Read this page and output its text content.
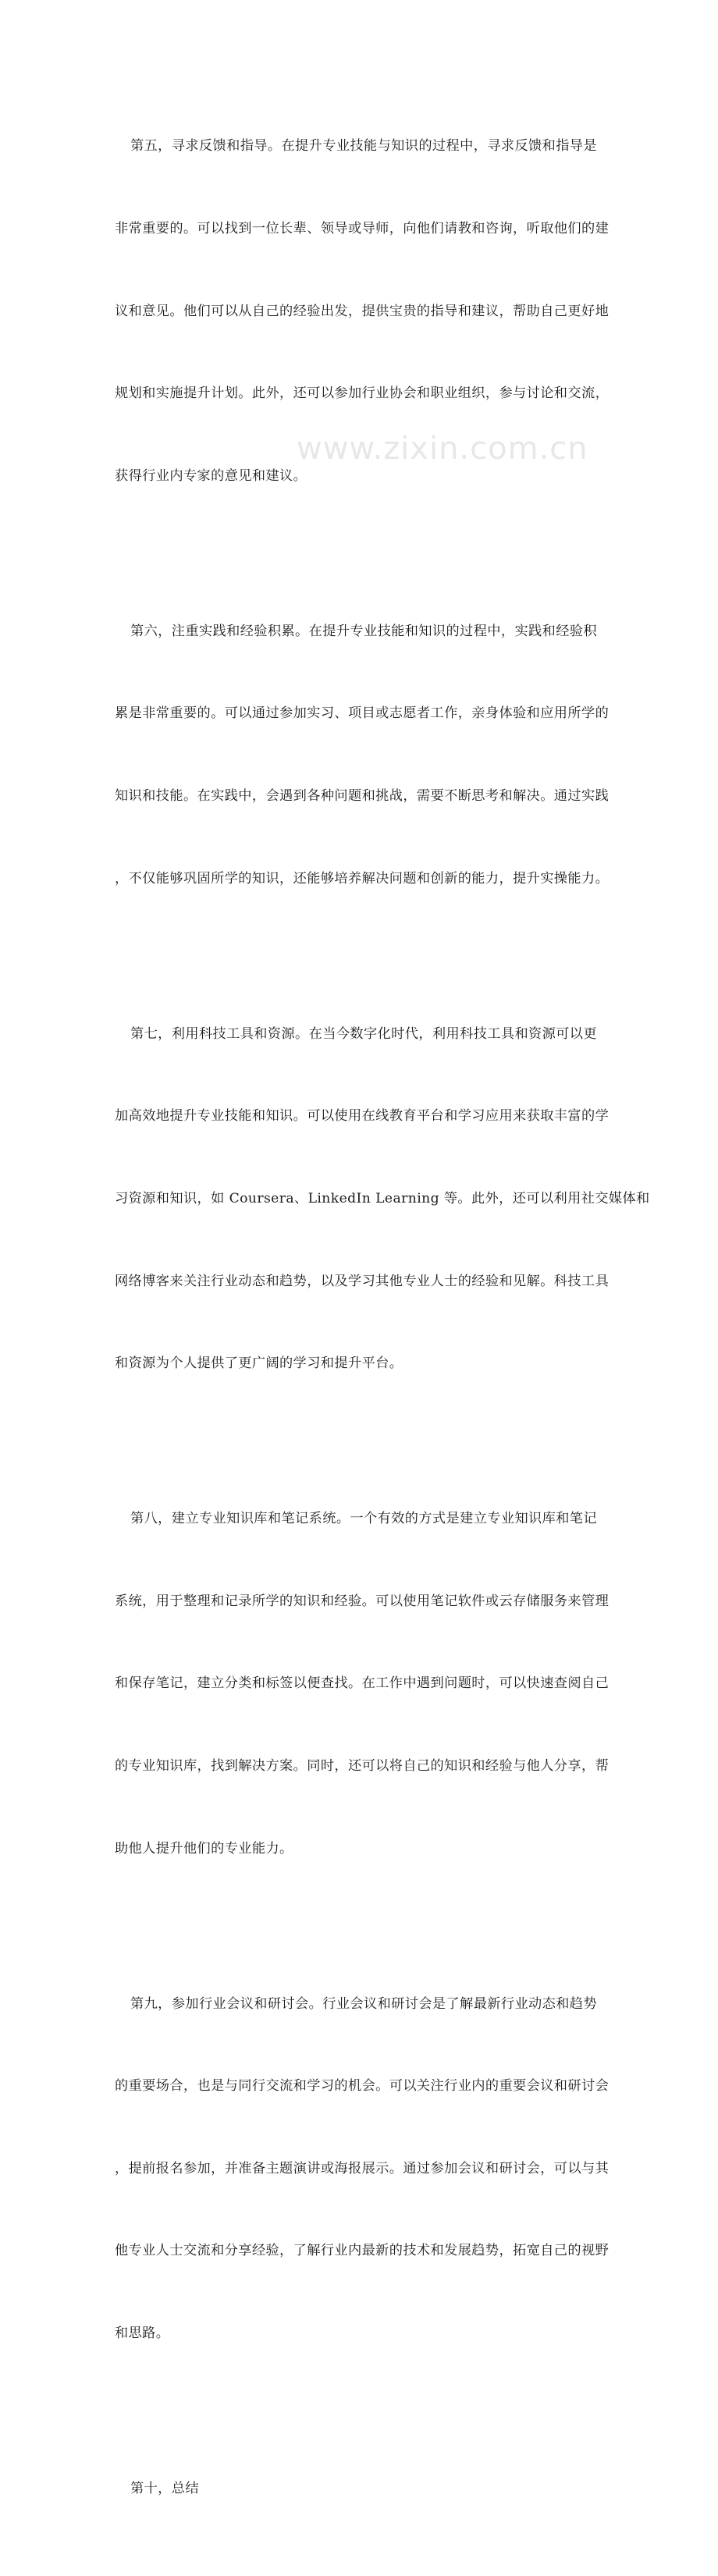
第五，寻求反馈和指导。在提升专业技能与知识的过程中，寻求反馈和指导是

非常重要的。可以找到一位长辈、领导或导师，向他们请教和咨询，听取他们的建

议和意见。他们可以从自己的经验出发，提供宝贵的指导和建议，帮助自己更好地

规划和实施提升计划。此外，还可以参加行业协会和职业组织，参与讨论和交流，

获得行业内专家的意见和建议。

第六，注重实践和经验积累。在提升专业技能和知识的过程中，实践和经验积

累是非常重要的。可以通过参加实习、项目或志愿者工作，亲身体验和应用所学的

知识和技能。在实践中，会遇到各种问题和挑战，需要不断思考和解决。通过实践

，不仅能够巩固所学的知识，还能够培养解决问题和创新的能力，提升实操能力。

第七，利用科技工具和资源。在当今数字化时代，利用科技工具和资源可以更

加高效地提升专业技能和知识。可以使用在线教育平台和学习应用来获取丰富的学

习资源和知识，如 Coursera、LinkedIn Learning 等。此外，还可以利用社交媒体和

网络博客来关注行业动态和趋势，以及学习其他专业人士的经验和见解。科技工具

和资源为个人提供了更广阔的学习和提升平台。

第八，建立专业知识库和笔记系统。一个有效的方式是建立专业知识库和笔记

系统，用于整理和记录所学的知识和经验。可以使用笔记软件或云存储服务来管理

和保存笔记，建立分类和标签以便查找。在工作中遇到问题时，可以快速查阅自己

的专业知识库，找到解决方案。同时，还可以将自己的知识和经验与他人分享，帮

助他人提升他们的专业能力。

第九，参加行业会议和研讨会。行业会议和研讨会是了解最新行业动态和趋势

的重要场合，也是与同行交流和学习的机会。可以关注行业内的重要会议和研讨会

，提前报名参加，并准备主题演讲或海报展示。通过参加会议和研讨会，可以与其

他专业人士交流和分享经验，了解行业内最新的技术和发展趋势，拓宽自己的视野

和思路。

第十，总结

www.zixin.com.cn
